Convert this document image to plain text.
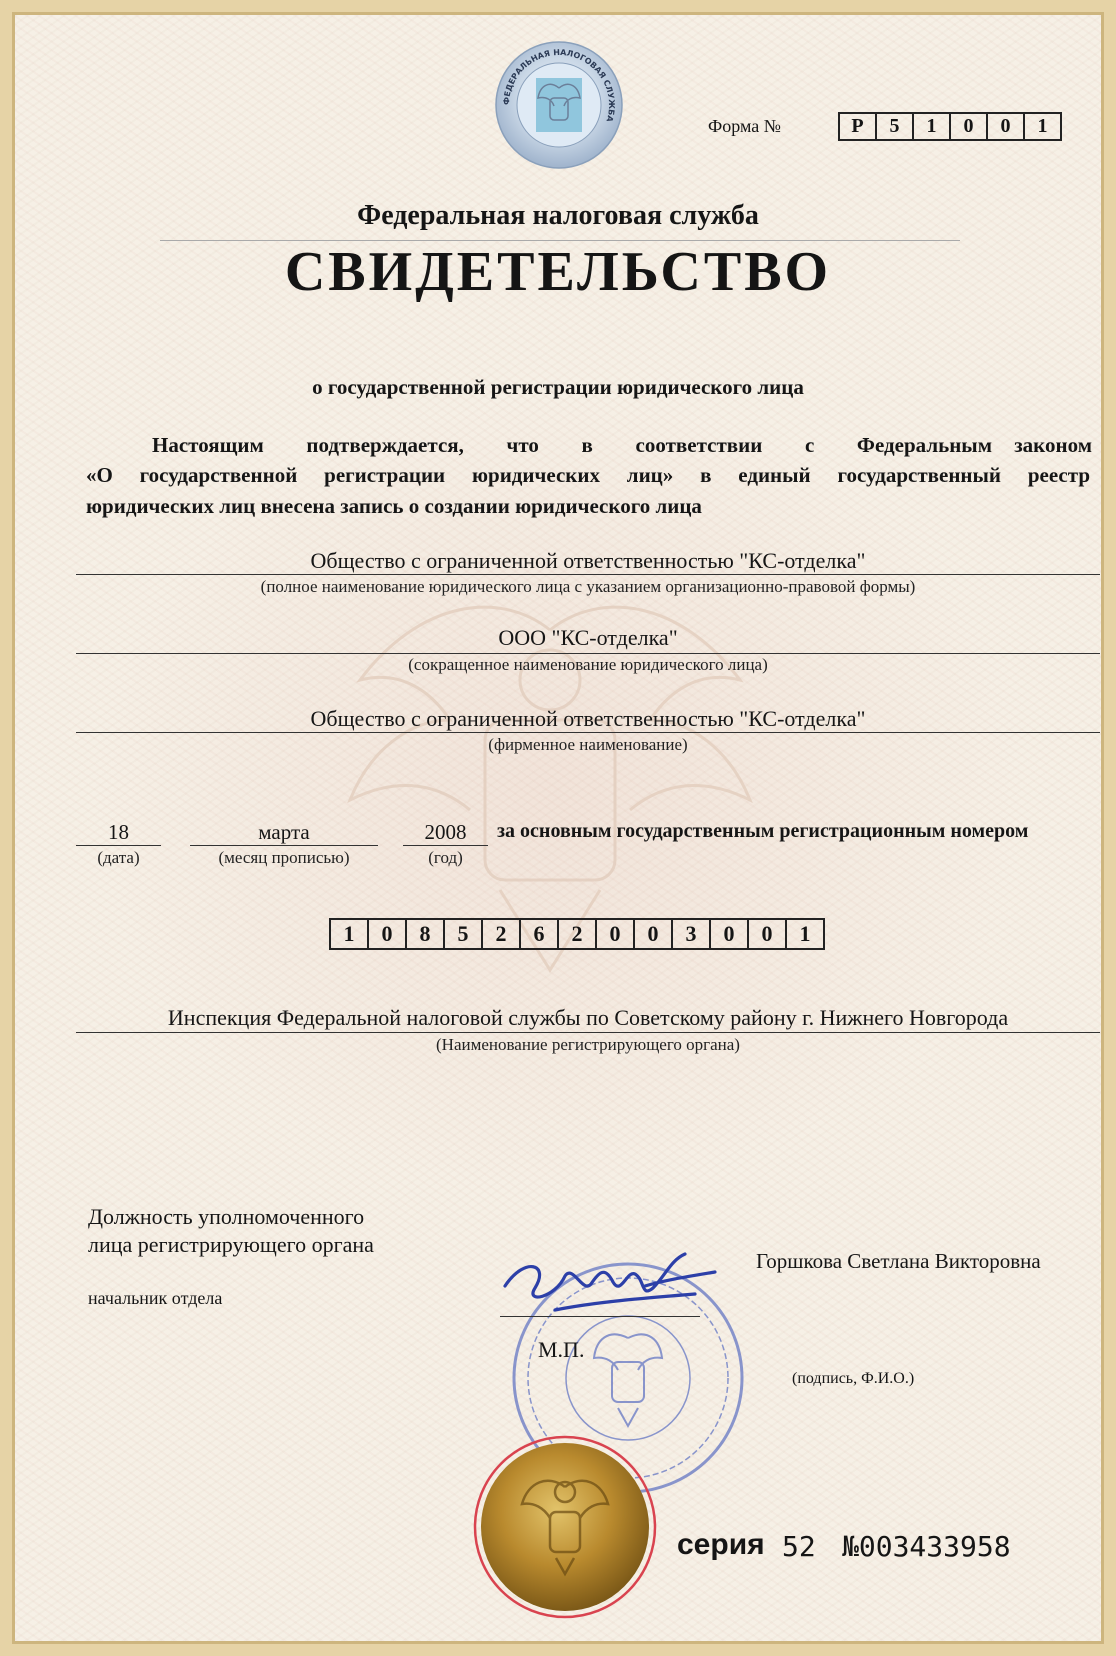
ФЕДЕРАЛЬНАЯ НАЛОГОВАЯ СЛУЖБА	Форма №	Р	5	1	0	0	1
Федеральная налоговая служба
СВИДЕТЕЛЬСТВО
о государственной регистрации юридического лица
Настоящим подтверждается, что в соответствии с Федеральным	законом
«О государственной регистрации юридических лиц» в единый государственный реестр
юридических лиц внесена запись о создании юридического лица
Общество с ограниченной ответственностью "КС-отделка"
(полное наименование юридического лица с указанием организационно-правовой формы)
ООО "КС-отделка"
(сокращенное наименование юридического лица)
Общество с ограниченной ответственностью "КС-отделка"
(фирменное наименование)
18
(дата)
марта
(месяц прописью)
2008
(год)
за основным государственным регистрационным номером
1	0	8	5	2	6	2	0	0	3	0	0	1
Инспекция Федеральной налоговой службы по Советскому району г. Нижнего Новгорода
(Наименование регистрирующего органа)
Должность уполномоченного
лица регистрирующего органа
начальник отдела
Горшкова Светлана Викторовна
М.П.
(подпись, Ф.И.О.)
серия 52 №003433958
